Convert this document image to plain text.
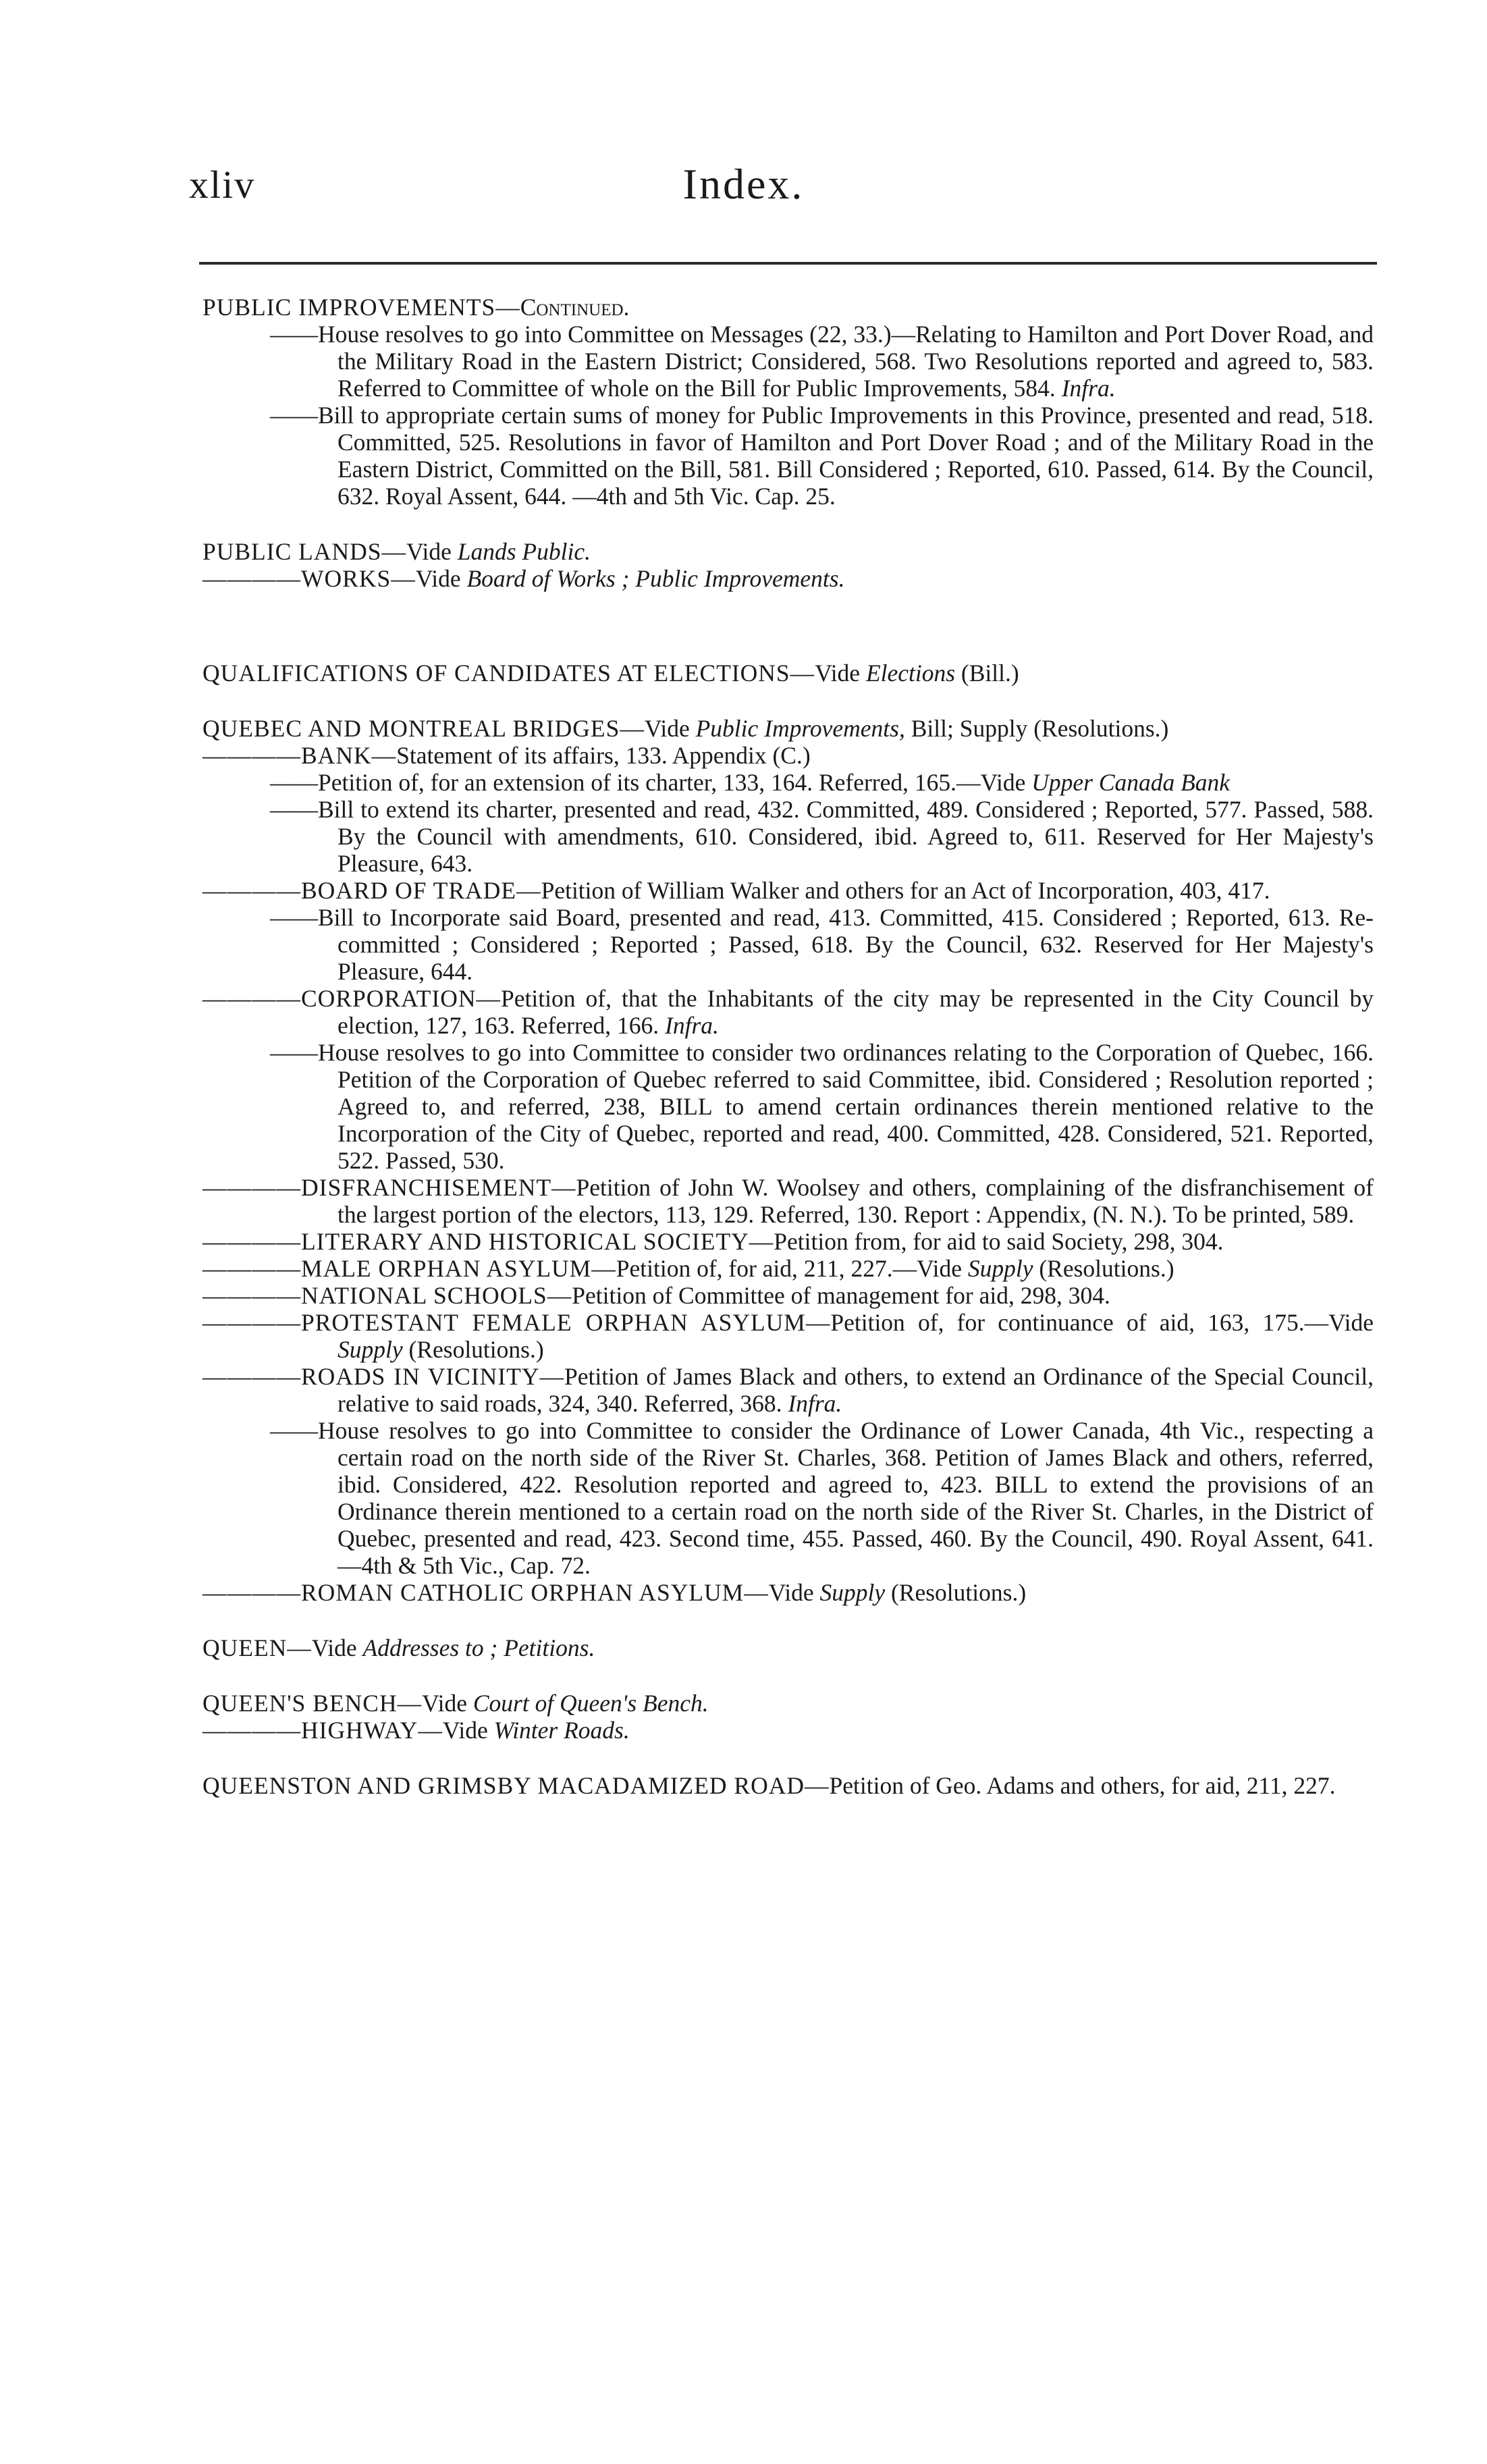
xliv	Index.

PUBLIC IMPROVEMENTS—Continued.

——House resolves to go into Committee on Messages (22, 33.)—Relating to Hamilton and Port Dover Road, and the Military Road in the Eastern District; Considered, 568. Two Resolutions reported and agreed to, 583. Referred to Committee of whole on the Bill for Public Improvements, 584. Infra.

——Bill to appropriate certain sums of money for Public Improvements in this Province, presented and read, 518. Committed, 525. Resolutions in favor of Hamilton and Port Dover Road ; and of the Military Road in the Eastern District, Committed on the Bill, 581. Bill Considered ; Reported, 610. Passed, 614. By the Council, 632. Royal Assent, 644. —4th and 5th Vic. Cap. 25.

PUBLIC LANDS—Vide Lands Public.

————WORKS—Vide Board of Works ; Public Improvements.

QUALIFICATIONS OF CANDIDATES AT ELECTIONS—Vide Elections (Bill.)

QUEBEC AND MONTREAL BRIDGES—Vide Public Improvements, Bill; Supply (Resolutions.)

————BANK—Statement of its affairs, 133. Appendix (C.)

——Petition of, for an extension of its charter, 133, 164. Referred, 165.—Vide Upper Canada Bank

——Bill to extend its charter, presented and read, 432. Committed, 489. Considered ; Reported, 577. Passed, 588. By the Council with amendments, 610. Considered, ibid. Agreed to, 611. Reserved for Her Majesty's Pleasure, 643.

————BOARD OF TRADE—Petition of William Walker and others for an Act of Incorporation, 403, 417.

——Bill to Incorporate said Board, presented and read, 413. Committed, 415. Considered ; Reported, 613. Re-committed ; Considered ; Reported ; Passed, 618. By the Council, 632. Reserved for Her Majesty's Pleasure, 644.

————CORPORATION—Petition of, that the Inhabitants of the city may be represented in the City Council by election, 127, 163. Referred, 166. Infra.

——House resolves to go into Committee to consider two ordinances relating to the Corporation of Quebec, 166. Petition of the Corporation of Quebec referred to said Committee, ibid. Considered ; Resolution reported ; Agreed to, and referred, 238, BILL to amend certain ordinances therein mentioned relative to the Incorporation of the City of Quebec, reported and read, 400. Committed, 428. Considered, 521. Reported, 522. Passed, 530.

————DISFRANCHISEMENT—Petition of John W. Woolsey and others, complaining of the disfranchisement of the largest portion of the electors, 113, 129. Referred, 130. Report : Appendix, (N. N.). To be printed, 589.

————LITERARY AND HISTORICAL SOCIETY—Petition from, for aid to said Society, 298, 304.

————MALE ORPHAN ASYLUM—Petition of, for aid, 211, 227.—Vide Supply (Resolutions.)

————NATIONAL SCHOOLS—Petition of Committee of management for aid, 298, 304.

————PROTESTANT FEMALE ORPHAN ASYLUM—Petition of, for continuance of aid, 163, 175.—Vide Supply (Resolutions.)

————ROADS IN VICINITY—Petition of James Black and others, to extend an Ordinance of the Special Council, relative to said roads, 324, 340. Referred, 368. Infra.

——House resolves to go into Committee to consider the Ordinance of Lower Canada, 4th Vic., respecting a certain road on the north side of the River St. Charles, 368. Petition of James Black and others, referred, ibid. Considered, 422. Resolution reported and agreed to, 423. BILL to extend the provisions of an Ordinance therein mentioned to a certain road on the north side of the River St. Charles, in the District of Quebec, presented and read, 423. Second time, 455. Passed, 460. By the Council, 490. Royal Assent, 641.—4th & 5th Vic., Cap. 72.

————ROMAN CATHOLIC ORPHAN ASYLUM—Vide Supply (Resolutions.)

QUEEN—Vide Addresses to ; Petitions.

QUEEN'S BENCH—Vide Court of Queen's Bench.

————HIGHWAY—Vide Winter Roads.

QUEENSTON AND GRIMSBY MACADAMIZED ROAD—Petition of Geo. Adams and others, for aid, 211, 227.
